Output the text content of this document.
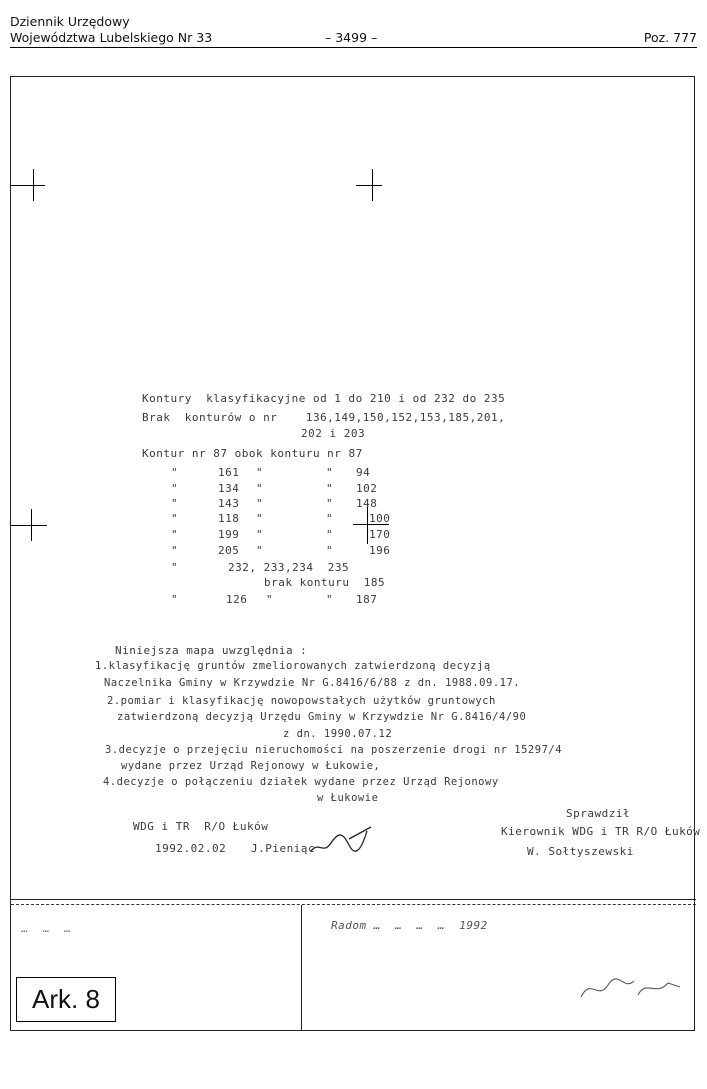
Dziennik Urzędowy
Województwa Lubelskiego Nr 33	– 3499 –	Poz. 777
Kontury  klasyfikacyjne od 1 do 210 i od 232 do 235
Brak  konturów o nr    136,149,150,152,153,185,201,
202 i 203
Kontur nr 87 obok konturu nr 87
"	161 "	" 94
"	134 "	" 102
"	143 "	" 148
"	118 "	"	100
"	199 "	"	170
"	205 "	"	196
"	232, 233,234  235
brak konturu  185
"	126 "	" 187
Niniejsza mapa uwzględnia :
1.klasyfikację gruntów zmeliorowanych zatwierdzoną decyzją
Naczelnika Gminy w Krzywdzie Nr G.8416/6/88 z dn. 1988.09.17.
2.pomiar i klasyfikację nowopowstałych użytków gruntowych
zatwierdzoną decyzją Urzędu Gminy w Krzywdzie Nr G.8416/4/90
z dn. 1990.07.12
3.decyzje o przejęciu nieruchomości na poszerzenie drogi nr 15297/4
wydane przez Urząd Rejonowy w Łukowie,
4.decyzje o połączeniu działek wydane przez Urząd Rejonowy
w Łukowie
WDG i TR  R/O Łuków
1992.02.02 J.Pieniąc
Sprawdził
Kierownik WDG i TR R/O Łuków
W. Sołtyszewski
…  …  …	Radom …  …  …  …  1992
Ark. 8
